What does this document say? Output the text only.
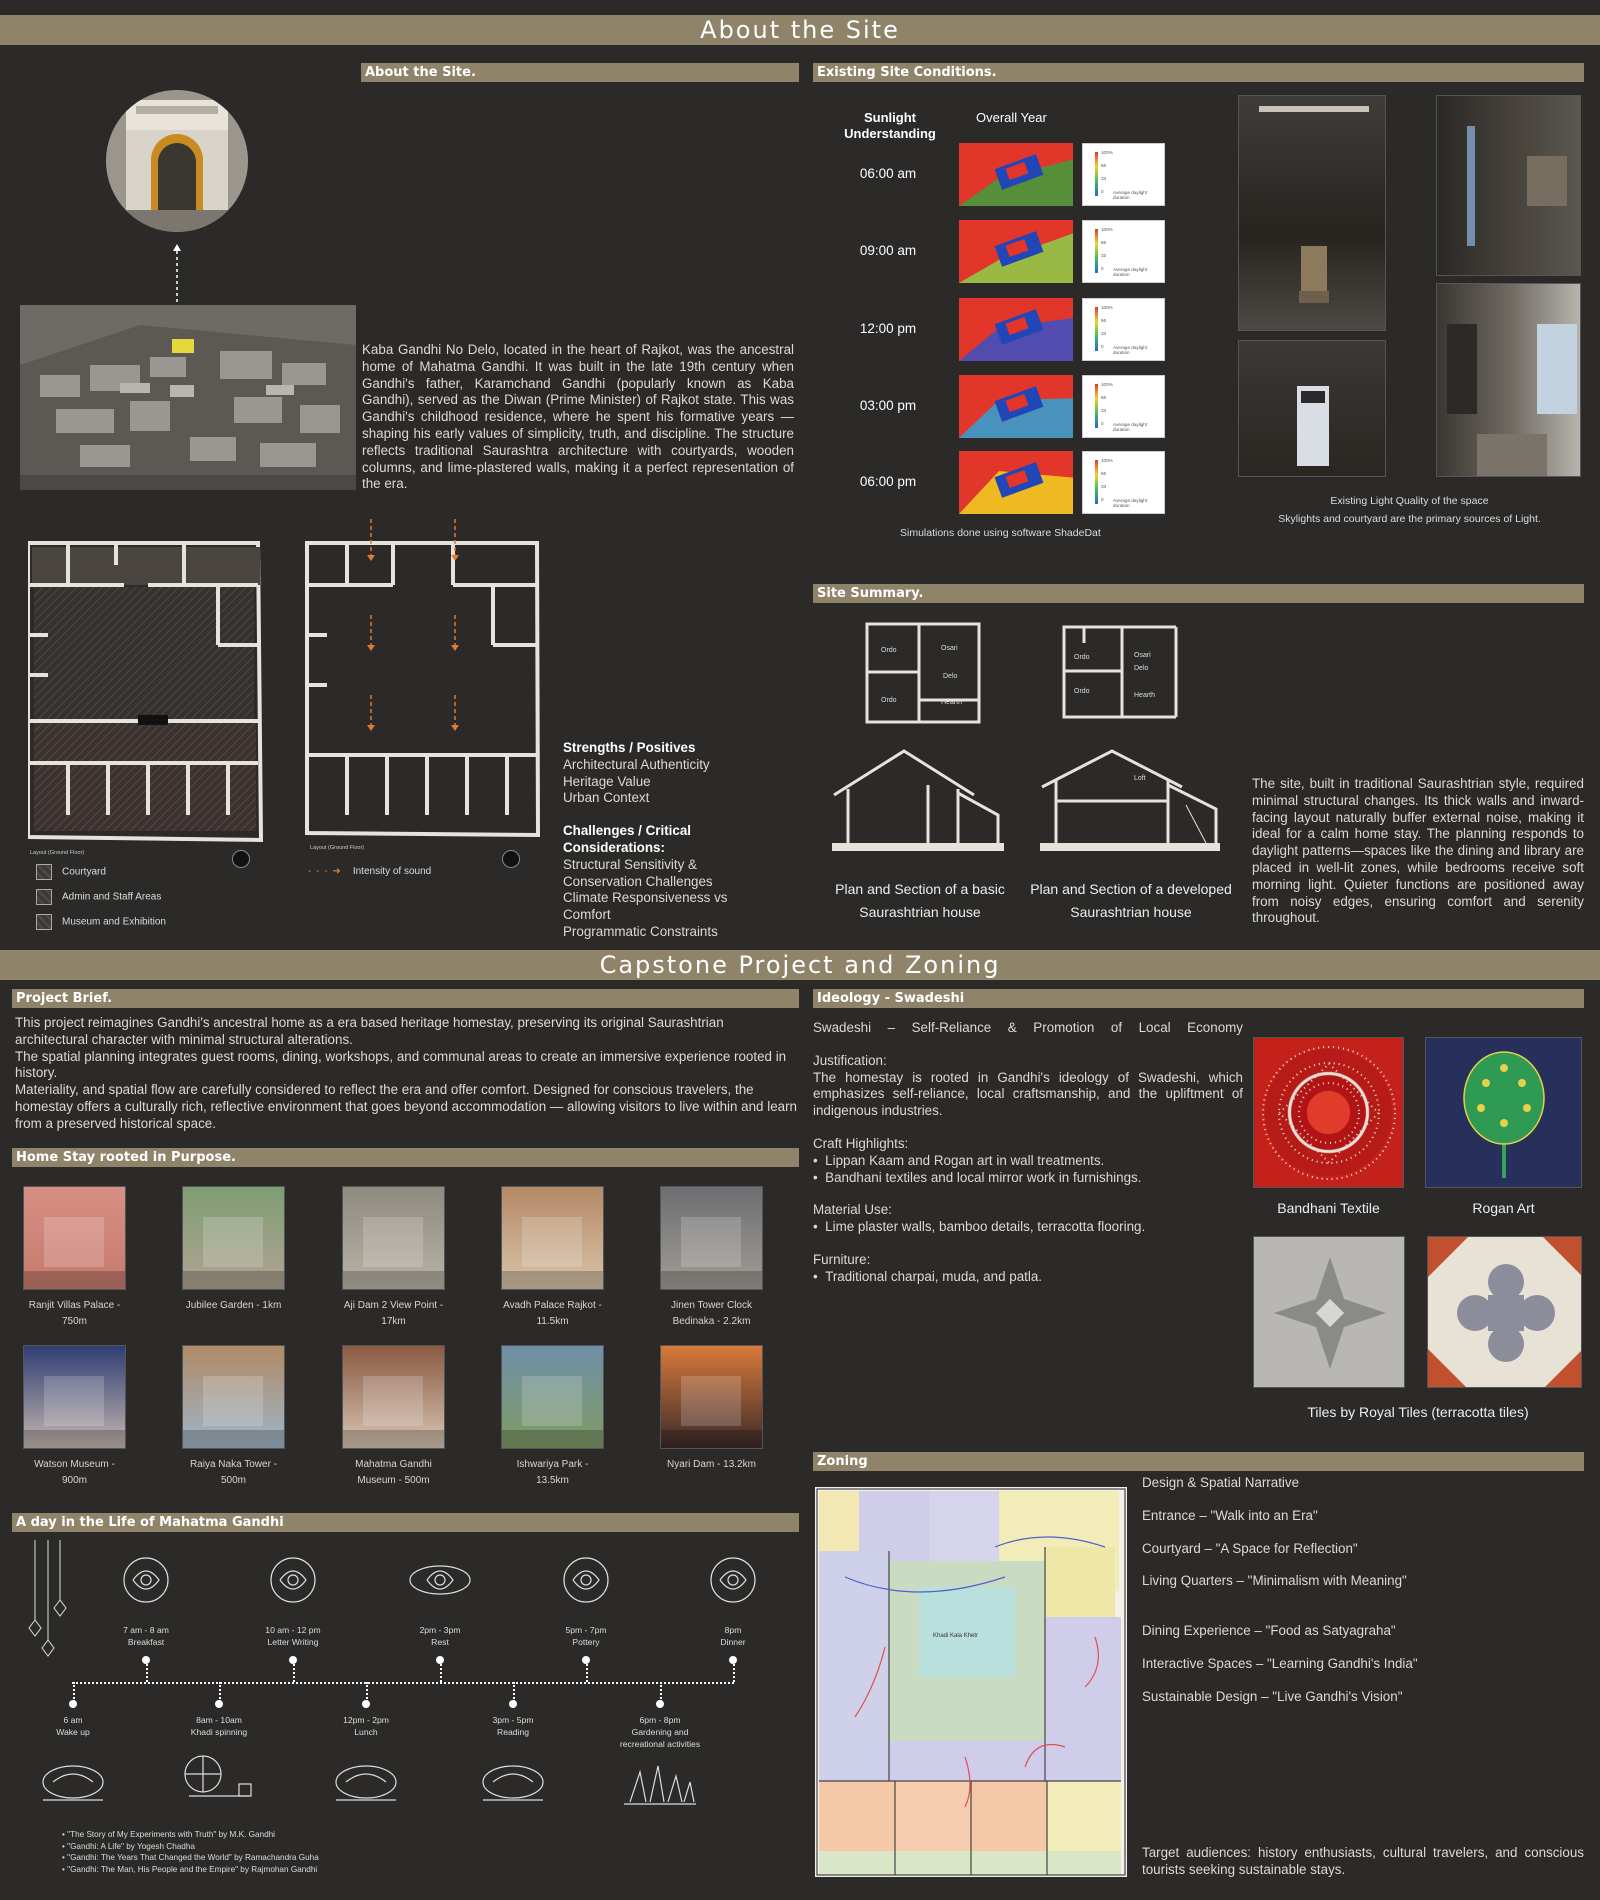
About the Site
Capstone Project and Zoning
About the Site.
Kaba Gandhi No Delo, located in the heart of Rajkot, was the ancestral home of Mahatma Gandhi. It was built in the late 19th century when Gandhi's father, Karamchand Gandhi (popularly known as Kaba Gandhi), served as the Diwan (Prime Minister) of Rajkot state. This was Gandhi's childhood residence, where he spent his formative years — shaping his early values of simplicity, truth, and discipline. The structure reflects traditional Saurashtra architecture with courtyards, wooden columns, and lime-plastered walls, making it a perfect representation of the era.
Layout (Ground Floor)
Layout (Ground Floor)
Courtyard
Admin and Staff Areas
Museum and Exhibition
- - - ➜ Intensity of sound
Strengths / Positives
Architectural Authenticity
Heritage Value
Urban Context
Challenges / Critical Considerations:
Structural Sensitivity & Conservation Challenges
Climate Responsiveness vs Comfort
Programmatic Constraints
Existing Site Conditions.
Sunlight Understanding
Overall Year
06:00 am
100%
66
33
0 Average daylight duration
09:00 am
100%
66
33
0 Average daylight duration
12:00 pm
100%
66
33
0 Average daylight duration
03:00 pm
100%
66
33
0 Average daylight duration
06:00 pm
100%
66
33
0 Average daylight duration
Simulations done using software ShadeDat
Existing Light Quality of the space
Skylights and courtyard are the primary sources of Light.
Site Summary.
Ordo	Osari
Delo
Ordo	Hearth
Ordo	Osari
Delo
Ordo
Hearth
Loft
Plan and Section of a basic
Saurashtrian house
Plan and Section of a developed
Saurashtrian house
The site, built in traditional Saurashtrian style, required minimal structural changes. Its thick walls and inward-facing layout naturally buffer external noise, making it ideal for a calm home stay. The planning responds to daylight patterns—spaces like the dining and library are placed in well-lit zones, while bedrooms receive soft morning light. Quieter functions are positioned away from noisy edges, ensuring comfort and serenity throughout.
Project Brief.
This project reimagines Gandhi's ancestral home as a era based heritage homestay, preserving its original Saurashtrian architectural character with minimal structural alterations.
The spatial planning integrates guest rooms, dining, workshops, and communal areas to create an immersive experience rooted in history.
Materiality, and spatial flow are carefully considered to reflect the era and offer comfort. Designed for conscious travelers, the homestay offers a culturally rich, reflective environment that goes beyond accommodation — allowing visitors to live within and learn from a preserved historical space.
Home Stay rooted in Purpose.
Ranjit Villas Palace -
750m
Jubilee Garden - 1km	Aji Dam 2 View Point -
17km
Avadh Palace Rajkot -
11.5km
Jinen Tower Clock
Bedinaka - 2.2km
Watson Museum -
900m
Raiya Naka Tower -
500m
Mahatma Gandhi
Museum - 500m
Ishwariya Park -
13.5km
Nyari Dam - 13.2km
A day in the Life of Mahatma Gandhi
7 am - 8 am
Breakfast
10 am - 12 pm
Letter Writing
2pm - 3pm
Rest
5pm - 7pm
Pottery
8pm
Dinner
6 am
Wake up
8am - 10am
Khadi spinning
12pm - 2pm
Lunch
3pm - 5pm
Reading
6pm - 8pm
Gardening and recreational activities
• "The Story of My Experiments with Truth" by M.K. Gandhi
• "Gandhi: A Life" by Yogesh Chadha
• "Gandhi: The Years That Changed the World" by Ramachandra Guha
• "Gandhi: The Man, His People and the Empire" by Rajmohan Gandhi
Ideology - Swadeshi
Swadeshi – Self-Reliance & Promotion of Local Economy
Justification:
The homestay is rooted in Gandhi's ideology of Swadeshi, which emphasizes self-reliance, local craftsmanship, and the upliftment of indigenous industries.
Craft Highlights:
•  Lippan Kaam and Rogan art in wall treatments.
•  Bandhani textiles and local mirror work in furnishings.
Material Use:
•  Lime plaster walls, bamboo details, terracotta flooring.
Furniture:
•  Traditional charpai, muda, and patla.
Bandhani Textile	Rogan Art
Tiles by Royal Tiles (terracotta tiles)
Zoning
Khadi Kala Khetr
Design & Spatial Narrative
Entrance – "Walk into an Era"
Courtyard – "A Space for Reflection"
Living Quarters – "Minimalism with Meaning"
Dining Experience – "Food as Satyagraha"
Interactive Spaces – "Learning Gandhi's India"
Sustainable Design – "Live Gandhi's Vision"
Target audiences: history enthusiasts, cultural travelers, and conscious tourists seeking sustainable stays.
